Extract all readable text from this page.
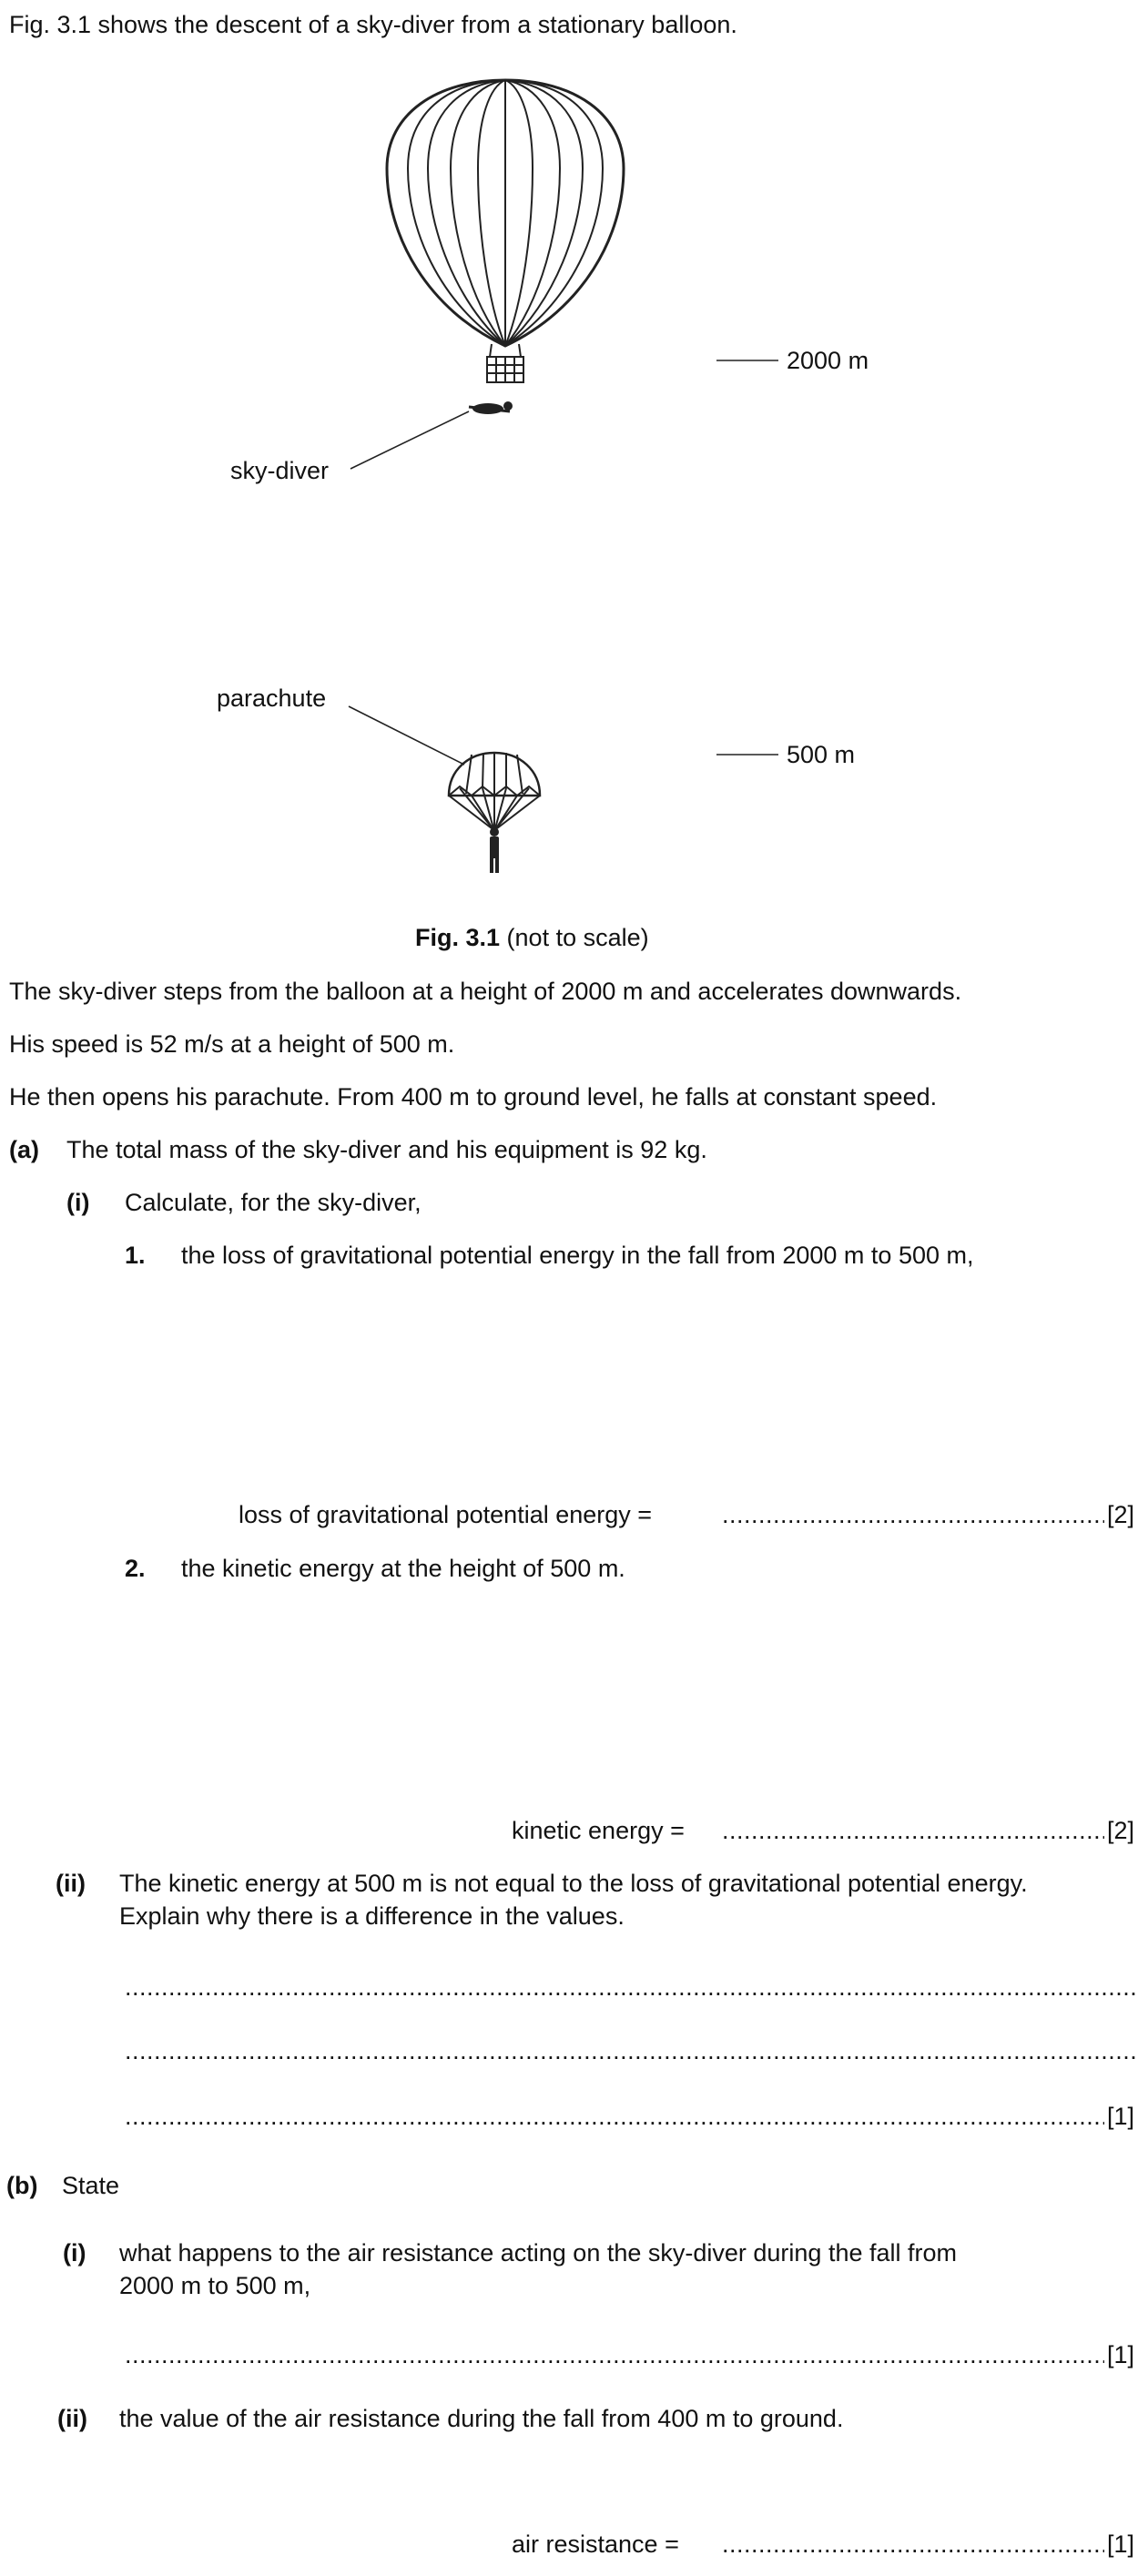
Fig. 3.1 shows the descent of a sky-diver from a stationary balloon.
sky-diver
2000 m
parachute
500 m
Fig. 3.1 (not to scale)
The sky-diver steps from the balloon at a height of 2000 m and accelerates downwards.
His speed is 52 m/s at a height of 500 m.
He then opens his parachute. From 400 m to ground level, he falls at constant speed.
(a) The total mass of the sky-diver and his equipment is 92 kg.
(i) Calculate, for the sky-diver,
1. the loss of gravitational potential energy in the fall from 2000 m to 500 m,
loss of gravitational potential energy = .....	[2]
2. the kinetic energy at the height of 500 m.
kinetic energy = .....	[2]
(ii) The kinetic energy at 500 m is not equal to the loss of gravitational potential energy.
Explain why there is a difference in the values.
.....
.....
.....
[1]
(b) State
(i) what happens to the air resistance acting on the sky-diver during the fall from
2000 m to 500 m,
.....
[1]
(ii) the value of the air resistance during the fall from 400 m to ground.
air resistance = .....	[1]
